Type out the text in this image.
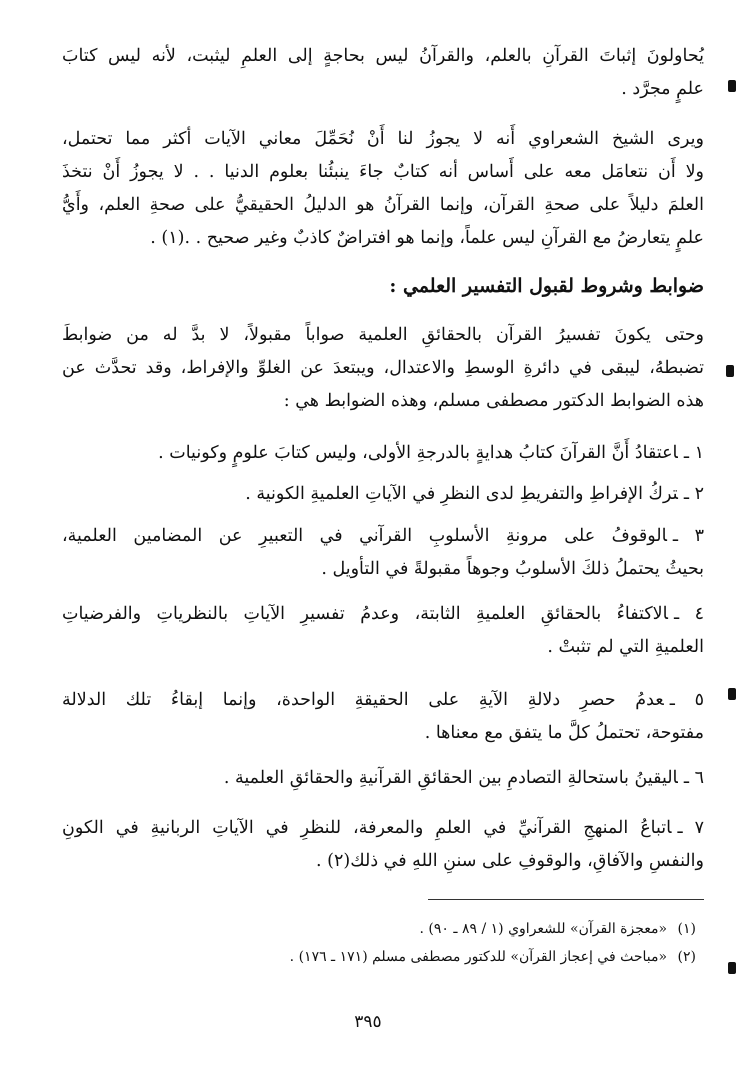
يُحاولونَ إثباتَ القرآنِ بالعلم، والقرآنُ ليس بحاجةٍ إلى العلمِ ليثبت، لأنه ليس كتابَ
علمٍ مجرَّد .
ويرى الشيخ الشعراوي أَنه لا يجوزُ لنا أَنْ نُحَمِّلَ معاني الآيات أكثر مما تحتمل،
ولا أَن نتعامَل معه على أَساس أنه كتابٌ جاءَ ينبئُنا بعلوم الدنيا . . لا يجوزُ أَنْ نتخذَ
العلمَ دليلاً على صحةِ القرآن، وإنما القرآنُ هو الدليلُ الحقيقيُّ على صحةِ العلم، وأَيُّ
علمٍ يتعارضُ مع القرآنِ ليس علماً، وإنما هو افتراضٌ كاذبٌ وغير صحيح . .(١) .
ضوابط وشروط لقبول التفسير العلمي :
وحتى يكونَ تفسيرُ القرآن بالحقائقِ العلمية صواباً مقبولاً، لا بدَّ له من ضوابطَ
تضبطهُ، ليبقى في دائرةِ الوسطِ والاعتدال، ويبتعدَ عن الغلوِّ والإفراط، وقد تحدَّث عن
هذه الضوابط الدكتور مصطفى مسلم، وهذه الضوابط هي :
١ ـاعتقادُ أَنَّ القرآنَ كتابُ هدايةٍ بالدرجةِ الأولى، وليس كتابَ علومٍ وكونيات .
٢ ـتركُ الإفراطِ والتفريطِ لدى النظرِ في الآياتِ العلميةِ الكونية .
٣ ـالوقوفُ على مرونةِ الأسلوبِ القرآني في التعبيرِ عن المضامين العلمية،
بحيثُ يحتملُ ذلكَ الأسلوبُ وجوهاً مقبولةً في التأويل .
٤ ـالاكتفاءُ بالحقائقِ العلميةِ الثابتة، وعدمُ تفسيرِ الآياتِ بالنظرياتِ والفرضياتِ
العلميةِ التي لم تثبتْ .
٥ ـعدمُ حصرِ دلالةِ الآيةِ على الحقيقةِ الواحدة، وإنما إبقاءُ تلك الدلالة
مفتوحة، تحتملُ كلَّ ما يتفق مع معناها .
٦ ـاليقينُ باستحالةِ التصادمِ بين الحقائقِ القرآنيةِ والحقائقِ العلمية .
٧ ـاتباعُ المنهجِ القرآنيِّ في العلمِ والمعرفة، للنظرِ في الآياتِ الربانيةِ في الكونِ
والنفسِ والآفاقِ، والوقوفِ على سننِ اللهِ في ذلك(٢) .
(١) «معجزة القرآن» للشعراوي (١ / ٨٩ ـ ٩٠) .
(٢) «مباحث في إعجاز القرآن» للدكتور مصطفى مسلم (١٧١ ـ ١٧٦) .
٣٩٥
